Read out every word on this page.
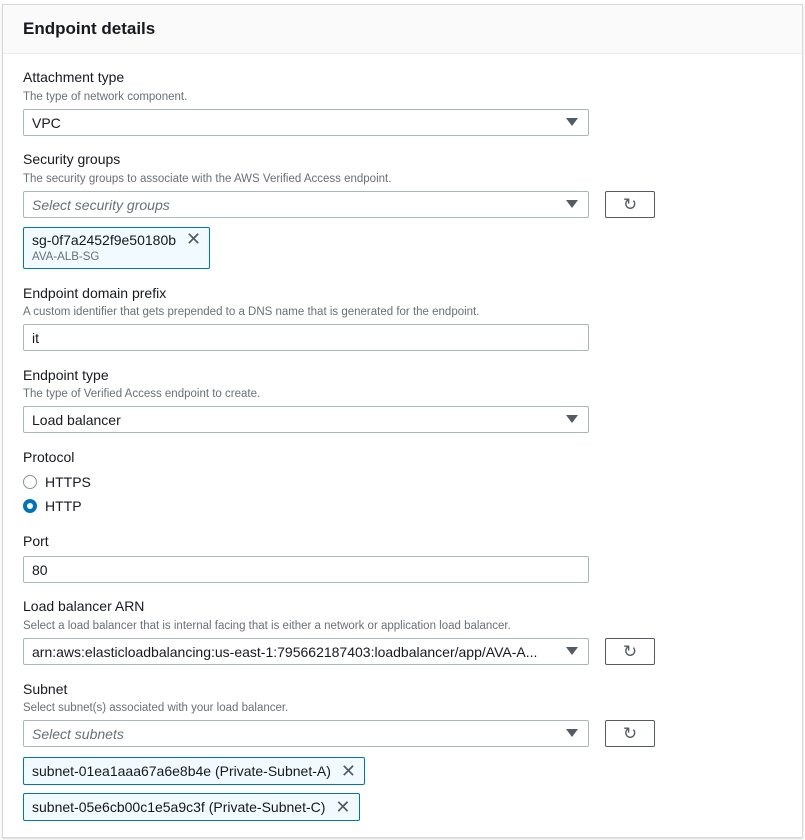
Endpoint details
Attachment type
The type of network component.
VPC
Security groups
The security groups to associate with the AWS Verified Access endpoint.
Select security groups	↻
sg-0f7a2452f9e50180b
AVA-ALB-SG
✕
Endpoint domain prefix
A custom identifier that gets prepended to a DNS name that is generated for the endpoint.
it
Endpoint type
The type of Verified Access endpoint to create.
Load balancer
Protocol
HTTPS
HTTP
Port
80
Load balancer ARN
Select a load balancer that is internal facing that is either a network or application load balancer.
arn:aws:elasticloadbalancing:us-east-1:795662187403:loadbalancer/app/AVA-A...	↻
Subnet
Select subnet(s) associated with your load balancer.
Select subnets	↻
subnet-01ea1aaa67a6e8b4e (Private-Subnet-A) ✕
subnet-05e6cb00c1e5a9c3f (Private-Subnet-C) ✕
